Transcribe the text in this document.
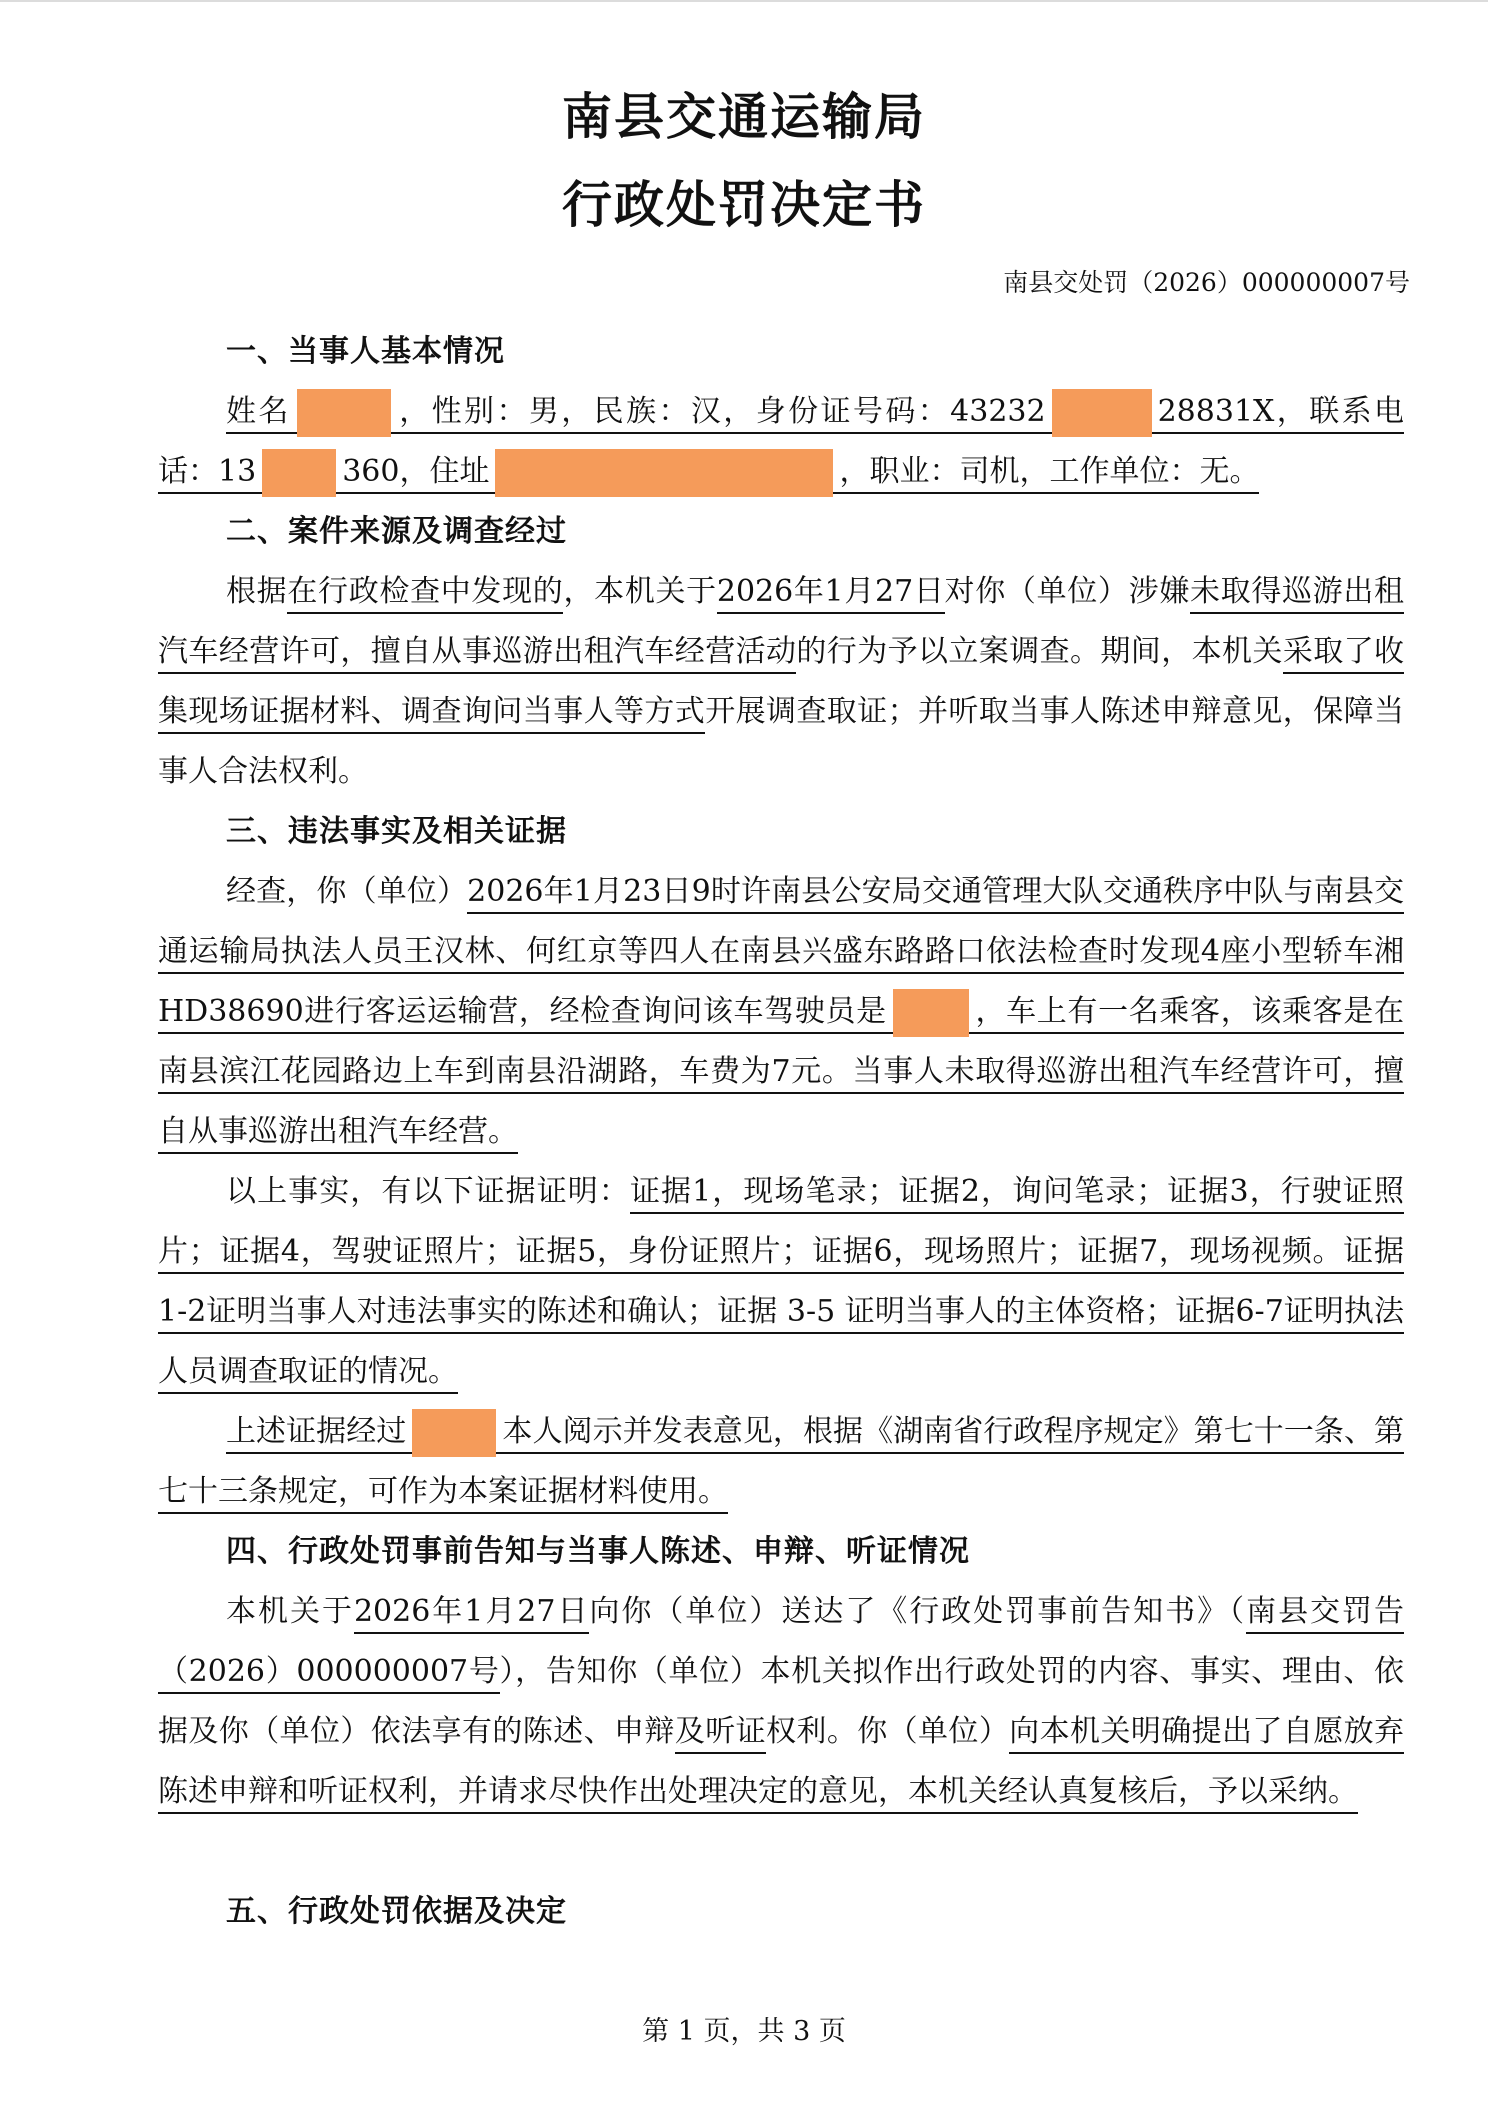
南县交通运输局
行政处罚决定书
南县交处罚（2026）000000007号
一、当事人基本情况
姓名	，性别：男，民族：汉，身份证号码：43232	28831X，联系电话：13	360，住址	，职业：司机，工作单位：无。
二、案件来源及调查经过
根据在行政检查中发现的，本机关于2026年1月27日对你（单位）涉嫌未取得巡游出租汽车经营许可，擅自从事巡游出租汽车经营活动的行为予以立案调查。期间，本机关采取了收集现场证据材料、调查询问当事人等方式开展调查取证；并听取当事人陈述申辩意见，保障当事人合法权利。
三、违法事实及相关证据
经查，你（单位）2026年1月23日9时许南县公安局交通管理大队交通秩序中队与南县交通运输局执法人员王汉林、何红京等四人在南县兴盛东路路口依法检查时发现4座小型轿车湘HD38690进行客运运输营，经检查询问该车驾驶员是	，车上有一名乘客，该乘客是在南县滨江花园路边上车到南县沿湖路，车费为7元。当事人未取得巡游出租汽车经营许可，擅自从事巡游出租汽车经营。
以上事实，有以下证据证明：证据1，现场笔录；证据2，询问笔录；证据3，行驶证照片；证据4，驾驶证照片；证据5，身份证照片；证据6，现场照片；证据7，现场视频。证据 1-2证明当事人对违法事实的陈述和确认；证据 3-5 证明当事人的主体资格；证据6-7证明执法人员调查取证的情况。
上述证据经过	本人阅示并发表意见，根据《湖南省行政程序规定》第七十一条、第七十三条规定，可作为本案证据材料使用。
四、行政处罚事前告知与当事人陈述、申辩、听证情况
本机关于2026年1月27日向你（单位）送达了《行政处罚事前告知书》（南县交罚告（2026）000000007号），告知你（单位）本机关拟作出行政处罚的内容、事实、理由、依据及你（单位）依法享有的陈述、申辩及听证权利。你（单位）向本机关明确提出了自愿放弃陈述申辩和听证权利，并请求尽快作出处理决定的意见，本机关经认真复核后，予以采纳。
五、行政处罚依据及决定
第 1 页，共 3 页
